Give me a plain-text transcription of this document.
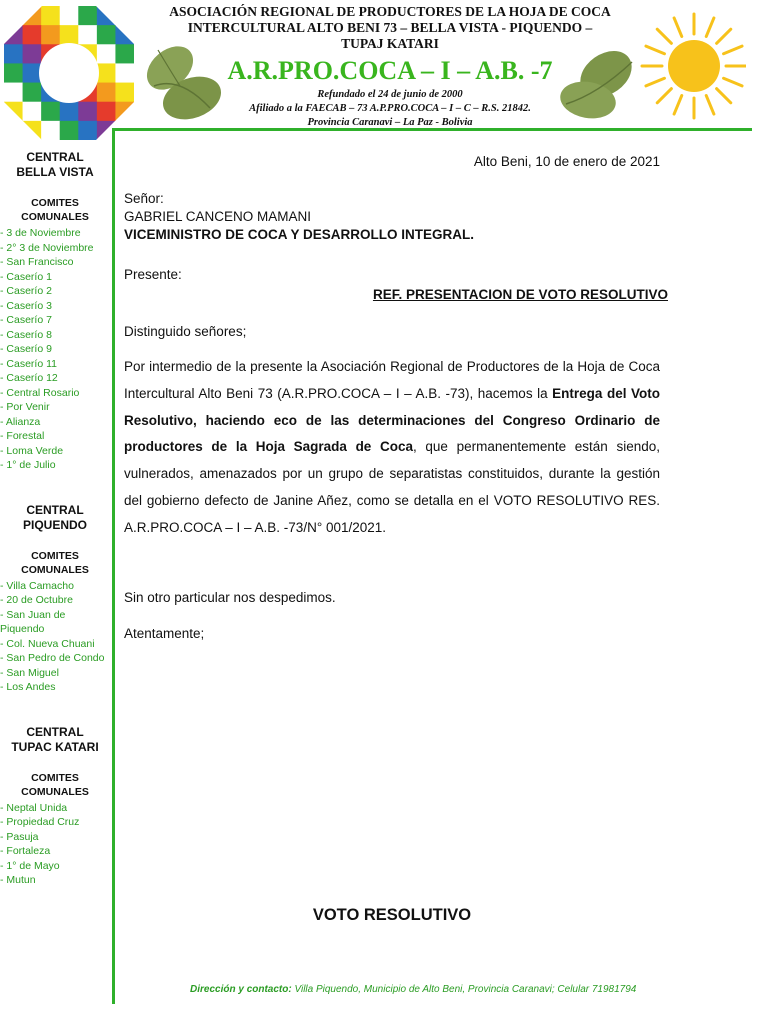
ASOCIACIÓN REGIONAL DE PRODUCTORES DE LA HOJA DE COCA
INTERCULTURAL ALTO BENI 73 – BELLA VISTA - PIQUENDO –
TUPAJ KATARI
A.R.PRO.COCA – I – A.B. -7
Refundado el 24 de junio de 2000
Afiliado a la FAECAB – 73 A.P.PRO.COCA – I – C – R.S. 21842.
Provincia Caranavi – La Paz - Bolivia
CENTRAL
BELLA VISTA
COMITES
COMUNALES
- 3 de Noviembre
- 2° 3 de Noviembre
- San Francisco
- Caserío 1
- Caserío 2
- Caserío 3
- Caserío 7
- Caserío 8
- Caserío 9
- Caserío 11
- Caserío 12
- Central Rosario
- Por Venir
- Alianza
- Forestal
- Loma Verde
- 1° de Julio
CENTRAL
PIQUENDO
COMITES
COMUNALES
- Villa Camacho
- 20 de Octubre
- San Juan de Piquendo
- Col. Nueva Chuani
- San Pedro de Condo
- San Miguel
- Los Andes
CENTRAL
TUPAC KATARI
COMITES
COMUNALES
- Neptal Unida
- Propiedad Cruz
- Pasuja
- Fortaleza
- 1° de Mayo
- Mutun
Alto Beni, 10 de enero de 2021
Señor:
GABRIEL CANCENO MAMANI
VICEMINISTRO DE COCA Y DESARROLLO INTEGRAL.
Presente:
REF. PRESENTACION DE VOTO RESOLUTIVO
Distinguido señores;
Por intermedio de la presente la Asociación Regional de Productores de la Hoja de Coca Intercultural Alto Beni 73 (A.R.PRO.COCA – I – A.B. -73), hacemos la Entrega del Voto Resolutivo, haciendo eco de las determinaciones del Congreso Ordinario de productores de la Hoja Sagrada de Coca, que permanentemente están siendo, vulnerados, amenazados por un grupo de separatistas constituidos, durante la gestión del gobierno defecto de Janine Añez, como se detalla en el VOTO RESOLUTIVO RES. A.R.PRO.COCA – I – A.B. -73/N° 001/2021.
Sin otro particular nos despedimos.
Atentamente;
VOTO RESOLUTIVO
Dirección y contacto: Villa Piquendo, Municipio de Alto Beni, Provincia Caranavi; Celular 71981794
